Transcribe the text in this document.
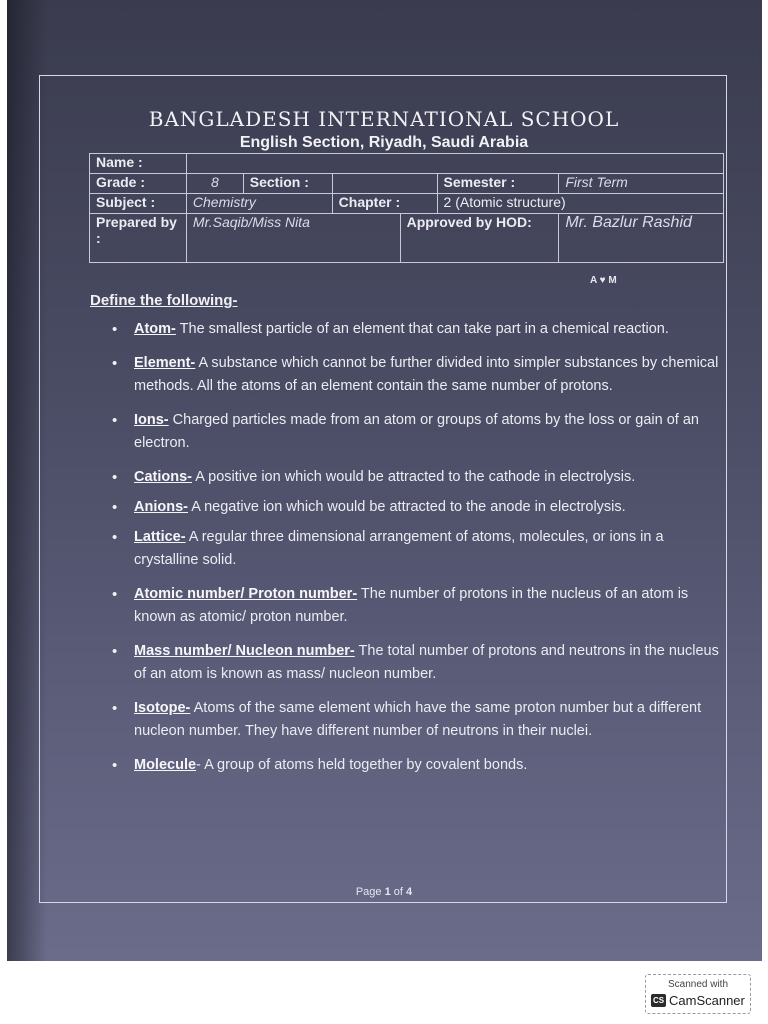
BANGLADESH INTERNATIONAL SCHOOL
English Section, Riyadh, Saudi Arabia
Name :						
Grade :	8	Section :			Semester :	First Term
Subject :	Chemistry		Chapter :		2 (Atomic structure)	
Prepared by :	Mr.Saqib/Miss Nita			Approved by HOD:		Mr. Bazlur Rashid
A ♥ M
Define the following-
• Atom- The smallest particle of an element that can take part in a chemical reaction.
• Element- A substance which cannot be further divided into simpler substances by chemical methods. All the atoms of an element contain the same number of protons.
• Ions- Charged particles made from an atom or groups of atoms by the loss or gain of an electron.
• Cations- A positive ion which would be attracted to the cathode in electrolysis.
• Anions- A negative ion which would be attracted to the anode in electrolysis.
• Lattice- A regular three dimensional arrangement of atoms, molecules, or ions in a crystalline solid.
• Atomic number/ Proton number- The number of protons in the nucleus of an atom is known as atomic/ proton number.
• Mass number/ Nucleon number- The total number of protons and neutrons in the nucleus of an atom is known as mass/ nucleon number.
• Isotope- Atoms of the same element which have the same proton number but a different nucleon number. They have different number of neutrons in their nuclei.
• Molecule- A group of atoms held together by covalent bonds.
Page 1 of 4
Scanned with
CS CamScanner
